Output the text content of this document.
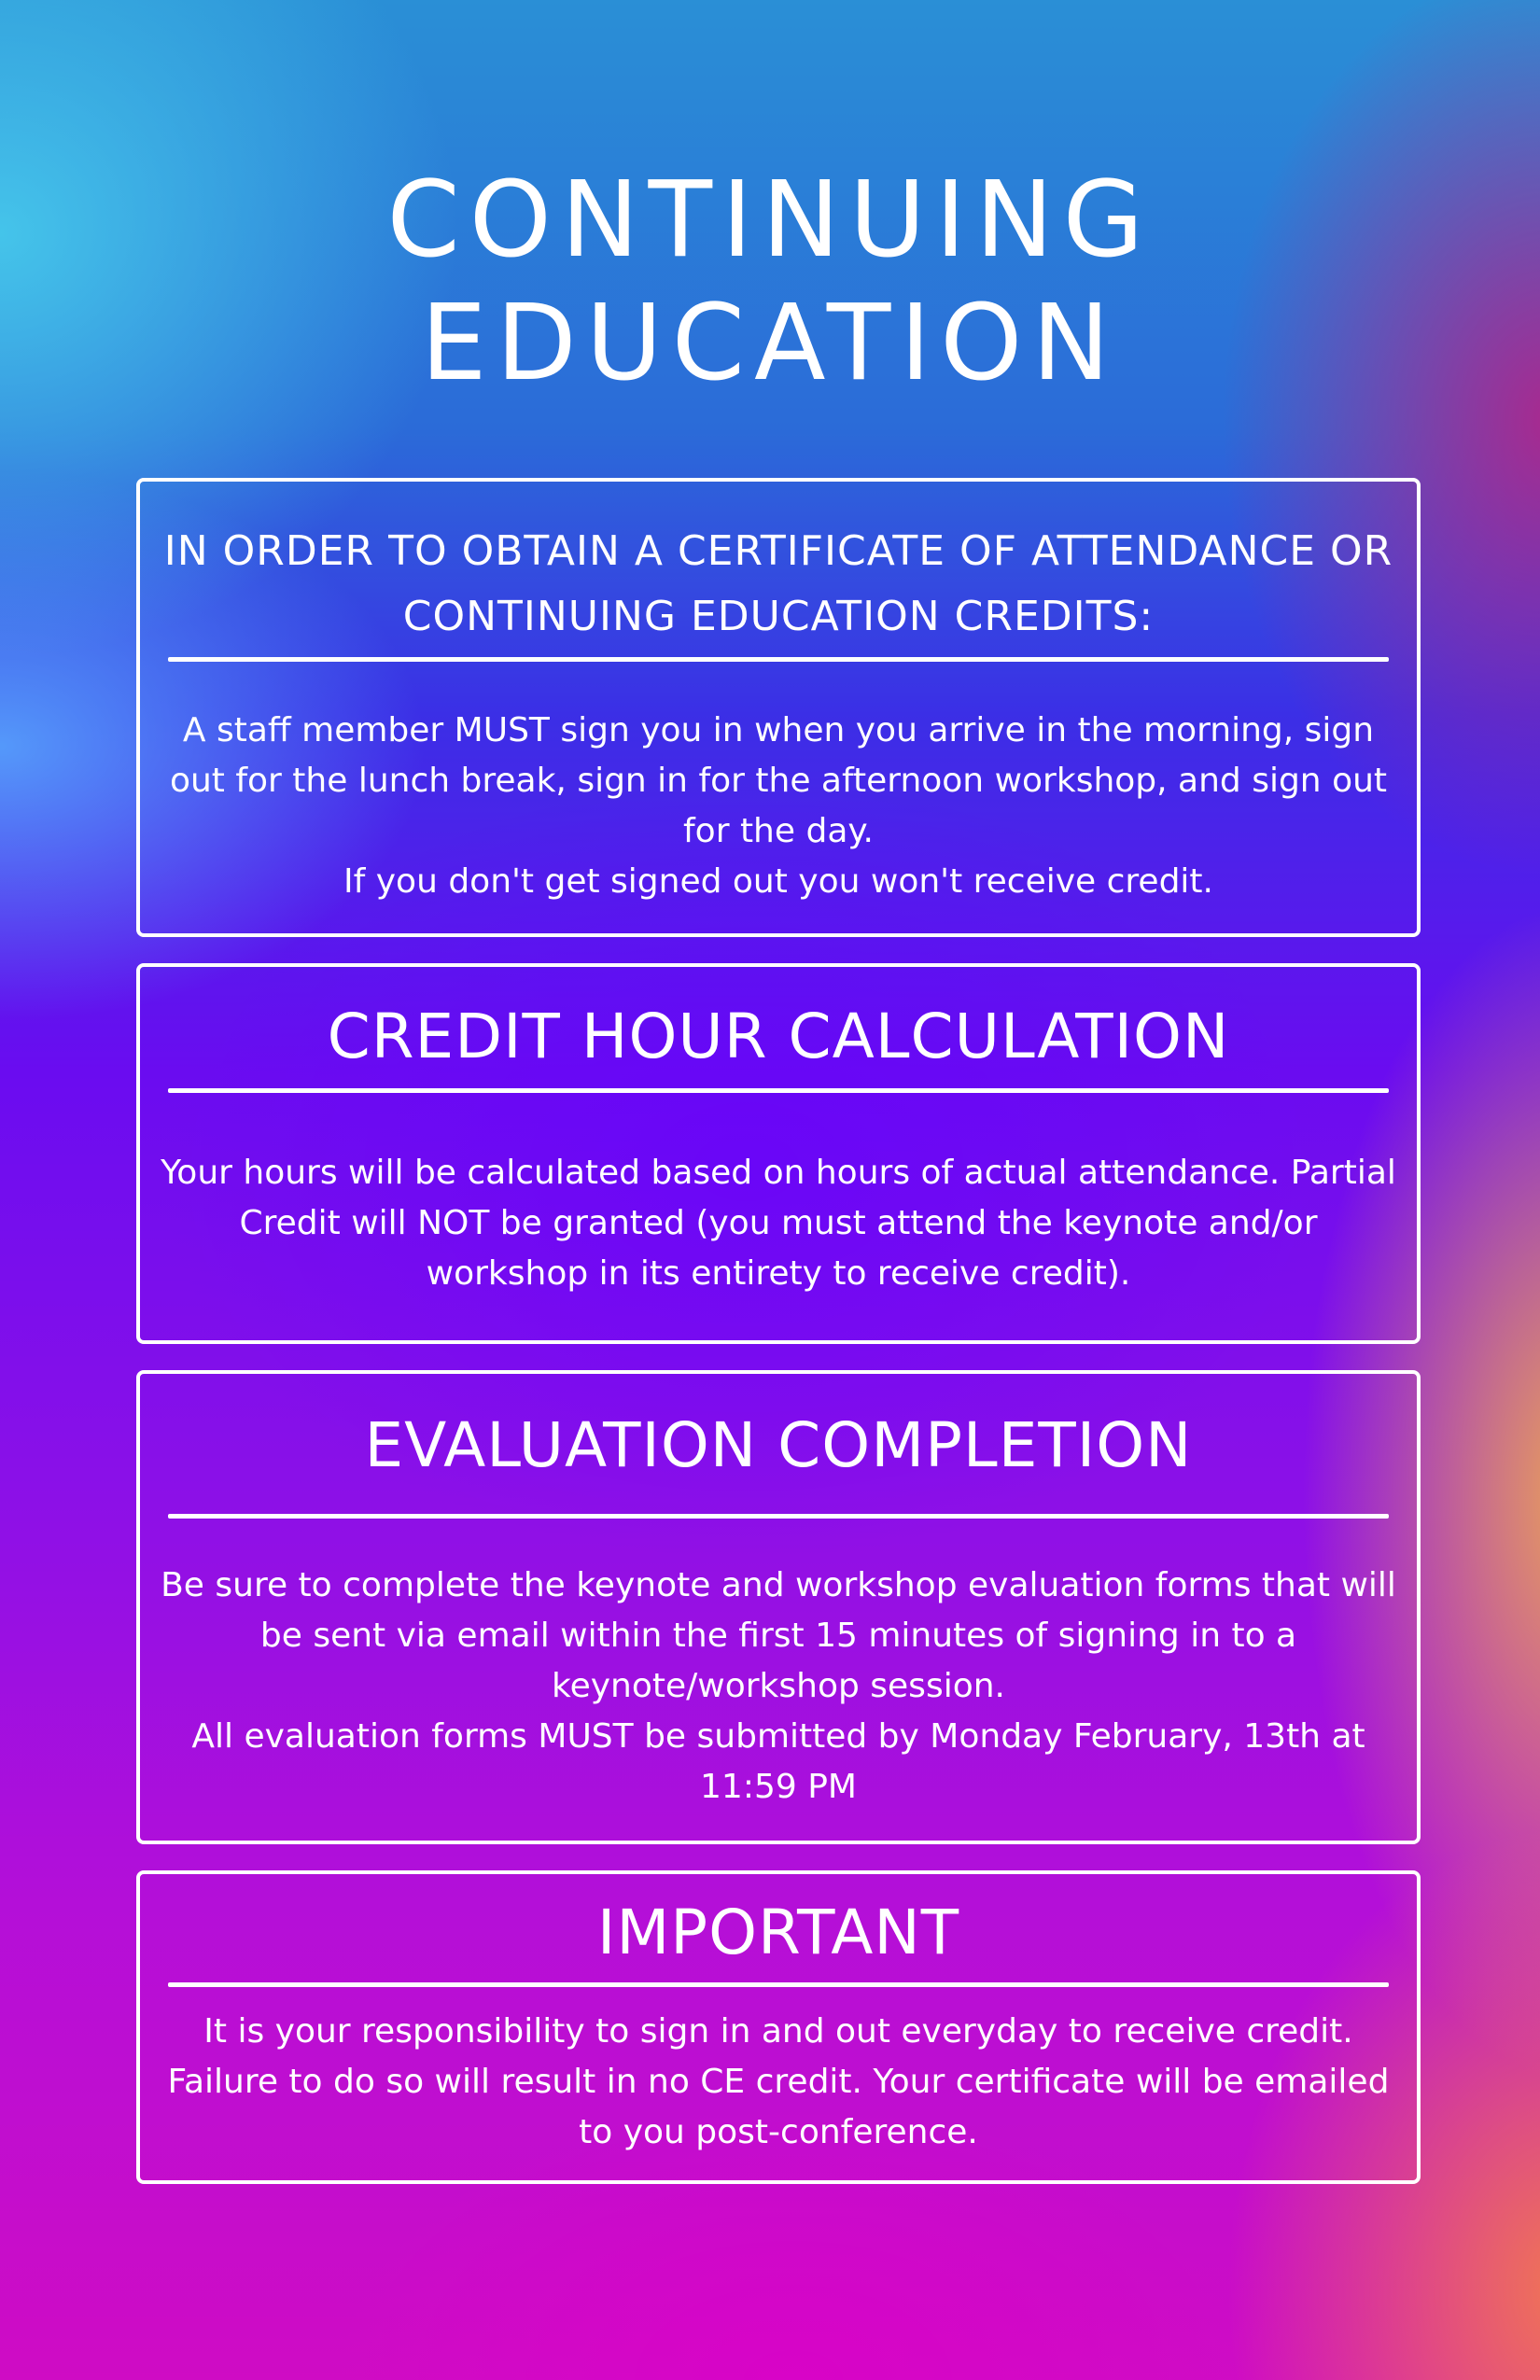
CONTINUING
EDUCATION
IN ORDER TO OBTAIN A CERTIFICATE OF ATTENDANCE OR CONTINUING EDUCATION CREDITS:

A staff member MUST sign you in when you arrive in the morning, sign out for the lunch break, sign in for the afternoon workshop, and sign out for the day.

If you don't get signed out you won't receive credit.

CREDIT HOUR CALCULATION

Your hours will be calculated based on hours of actual attendance. Partial Credit will NOT be granted (you must attend the keynote and/or workshop in its entirety to receive credit).

EVALUATION COMPLETION

Be sure to complete the keynote and workshop evaluation forms that will be sent via email within the first 15 minutes of signing in to a keynote/workshop session.

All evaluation forms MUST be submitted by Monday February, 13th at 11:59 PM

IMPORTANT

It is your responsibility to sign in and out everyday to receive credit. Failure to do so will result in no CE credit. Your certificate will be emailed to you post-conference.
